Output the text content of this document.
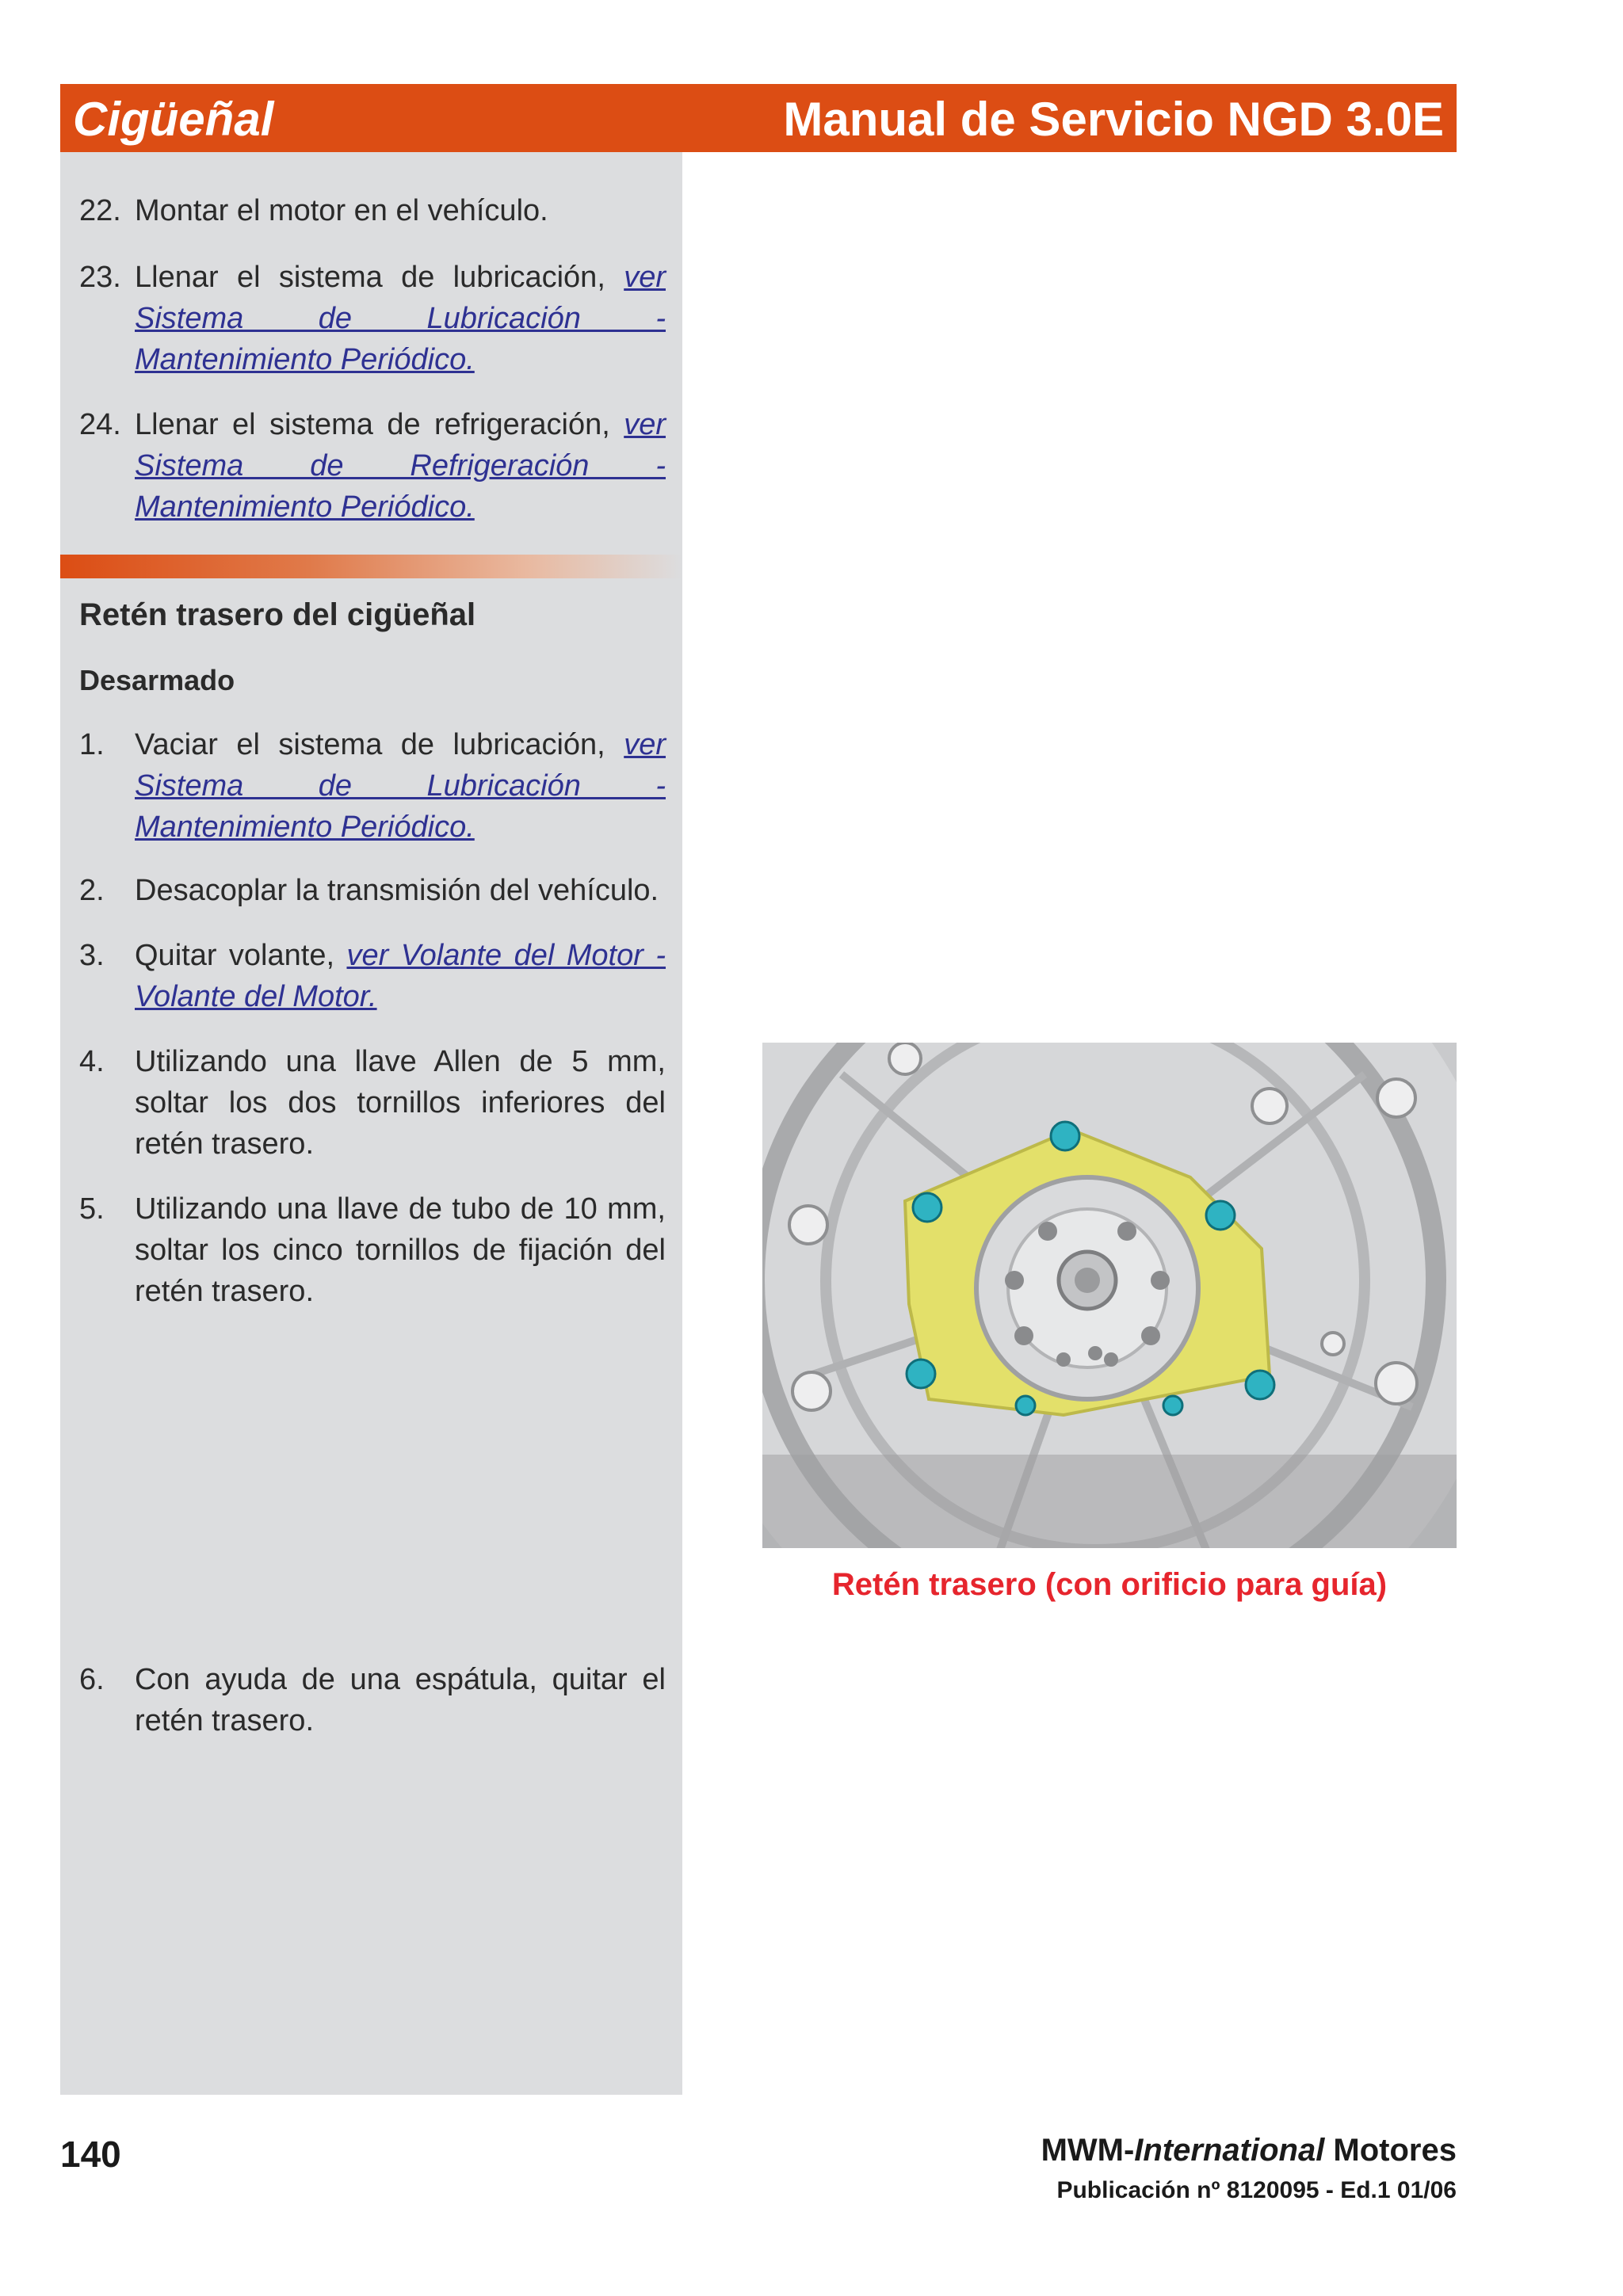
Cigüeñal	Manual de Servicio NGD 3.0E
22. Montar el motor en el vehículo.
23. Llenar el sistema de lubricación, ver Sistema de Lubricación - Mantenimiento Periódico.
24. Llenar el sistema de refrigeración, ver Sistema de Refrigeración - Mantenimiento Periódico.
Retén trasero del cigüeñal
Desarmado
1. Vaciar el sistema de lubricación, ver Sistema de Lubricación - Mantenimiento Periódico.
2. Desacoplar la transmisión del vehículo.
3. Quitar volante, ver Volante del Motor - Volante del Motor.
4. Utilizando una llave Allen de 5 mm, soltar los dos tornillos inferiores del retén trasero.
5. Utilizando una llave de tubo de 10 mm, soltar los cinco tornillos de fijación del retén trasero.
6. Con ayuda de una espátula, quitar el retén trasero.
Retén trasero (con orificio para guía)
140	MWM-International Motores
Publicación nº 8120095 - Ed.1 01/06
